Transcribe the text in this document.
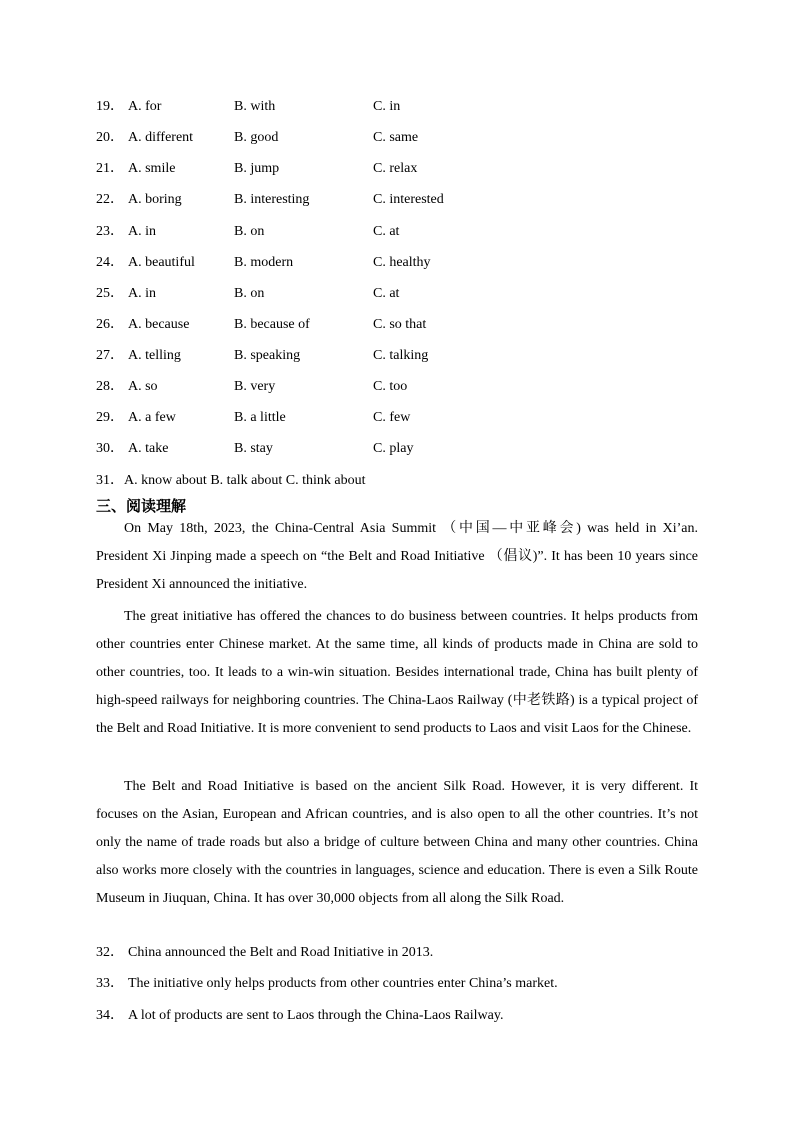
19． A. for	B. with	C. in
20． A. different	B. good	C. same
21． A. smile	B. jump	C. relax
22． A. boring	B. interesting	C. interested
23． A. in	B. on	C. at
24． A. beautiful	B. modern	C. healthy
25． A. in	B. on	C. at
26． A. because	B. because of	C. so that
27． A. telling	B. speaking	C. talking
28． A. so	B. very	C. too
29． A. a few	B. a little	C. few
30． A. take	B. stay	C. play
31．A. know about B. talk about C. think about
三、阅读理解

On May 18th, 2023, the China-Central Asia Summit （中国—中亚峰会) was held in Xi’an. President Xi Jinping made a speech on “the Belt and Road Initiative （倡议)”. It has been 10 years since President Xi announced the initiative.

The great initiative has offered the chances to do business between countries. It helps products from other countries enter Chinese market. At the same time, all kinds of products made in China are sold to other countries, too. It leads to a win-win situation. Besides international trade, China has built plenty of high-speed railways for neighboring countries. The China-Laos Railway (中老铁路) is a typical project of the Belt and Road Initiative. It is more convenient to send products to Laos and visit Laos for the Chinese.

The Belt and Road Initiative is based on the ancient Silk Road. However, it is very different. It focuses on the Asian, European and African countries, and is also open to all the other countries. It’s not only the name of trade roads but also a bridge of culture between China and many other countries. China also works more closely with the countries in languages, science and education. There is even a Silk Route Museum in Jiuquan, China. It has over 30,000 objects from all along the Silk Road.

32． China announced the Belt and Road Initiative in 2013.
33． The initiative only helps products from other countries enter China’s market.
34． A lot of products are sent to Laos through the China-Laos Railway.
